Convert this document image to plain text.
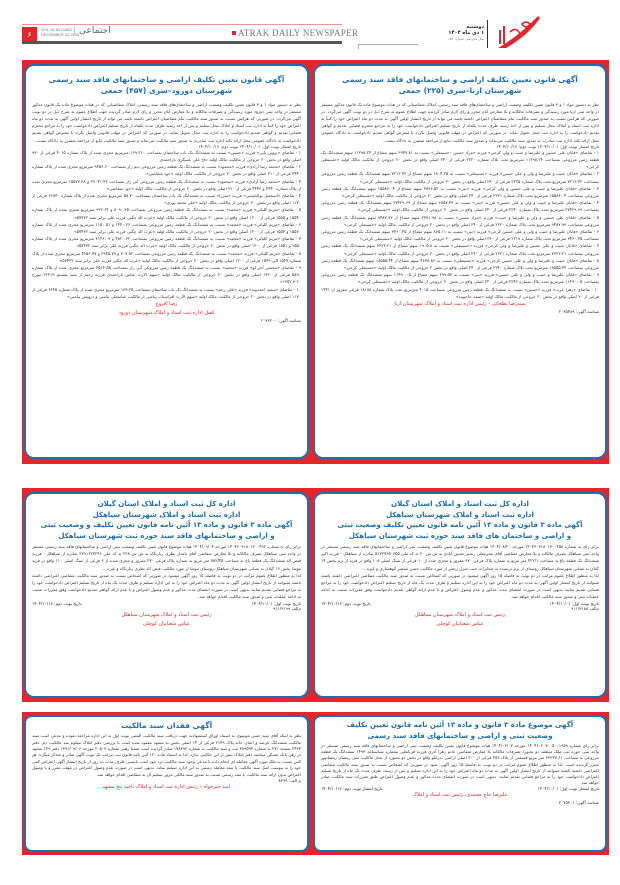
۶
VOL.16 NO.1880
DECEMBER 22,2025 اجتماعی	ATRAK DAILY NEWSPAPER
دوشنبه
۱ دی ماه ۱۴۰۴
سال شانزدهم - شماره ۱۸۸۰
آگهی قانون تعیین تکلیف اراضی و ساختمانهای فاقد سند رسمی
شهرستان ازنا–سری (۲۲۵) جمعی
نظر به دستور مواد ۱ و ۳ قانون تعیین تکلیف وضعیت اراضی و ساختمان‌های فاقد سند رسمی، املاک متقاضیانی که در هیات موضوع ماده یک قانون مذکور مستقر در واحد ثبتی ازنا مورد رسیدگی و تصرفات مالکانه و بلا معارض آنان محرز و رای لازم صادر گردیده جهت اطلاع عموم به شرح ذیل در دو نوبت آگهی می‌گردد. در صورتی که هرکس نسبت به صدور سند مالکیت بنام متقاضیان اعتراض داشته باشد می تواند از تاریخ انتشار اولین آگهی به مدت دو ماه اعتراض خود را کتباً به اداره ثبت اسناد و املاک محل تسلیم و پس از اخذ رسید ظرف مدت یکماه از تاریخ تسلیم اعتراض دادخواست خود را به مراجع محترم قضایی تقدیم و گواهی تقدیم دادخواست را به اداره ثبت محل تحویل نماید. در صورتی که اعتراض در مهلت قانونی واصل نگردد یا معترض گواهی تقدیم دادخواست به دادگاه عمومی محل ارائه نکند اداره ثبت مبادرت به صدور سند مالکیت می‌نماید و صدور سند مالکیت مانع از مراجعه متضرر به دادگاه نیست.
تاریخ انتشار نوبت اول: ۱۴۰۴/۱۰/۰۱ نوبت دوم: ۱۴۰۴/۱۰/۱۶
۱ - تقاضای «قابان علی حسین و علیرضا و حبیب و ولی کرجی» فرزند «مراد حسین –حسینعلی» نسبت به ۲۹۴۷.۸۱ سهم مشاع از ۱۱۲۹۸.۲۴ سهم ششدانگ یک قطعه زمین مزروعی بمساحت ۱۱۲۹۸.۲۴ مترمربع تحت پلاک شماره ۲۲۲۰ فرعی از ۲۴۰ اصلی واقع در بخش ۲۰ خروجی از مالکیت مالک اولیه «حسینعلی کرجی»
۲ - تقاضای «قابان حبیب و علیرضا و ولی و علی حسین» فرزند «حسینعلی» نسبت به ۱۸۰۴.۲۵ سهم مشاع از ۷۲۱۳.۴۲ سهم ششدانگ یک قطعه زمین مزروعی بمساحت ۷۲۱۳.۴۲ مترمربع تحت پلاک شماره ۲۲۲۵ فرعی از ۲۴۰ اصلی واقع در بخش ۲۰ خروجی از مالکیت مالک اولیه «حسینعلی کرجی»
۳ - تقاضای «قابان علیرضا و حبیب و علی حسین و ولی کرجی» فرزند «نبی» نسبت به ۳۸۹۶.۵۲ سهم مشاع از ۱۵۵۸۶.۰۴ سهم ششدانگ یک قطعه زمین مزروعی بمساحت ۱۵۵۸۶.۰۴ مترمربع تحت پلاک شماره ۲۲۲۱ فرعی از ۲۴۰ اصلی واقع در بخش ۲۰ خروجی از مالکیت مالک اولیه «حسینعلی کرجی»
۴ - تقاضای «قابان علیرضا و حبیب و ولی و علی حسین» فرزند «نبی» نسبت به ۶۸۵۷.۴۳ سهم مشاع از ۲۷۴۲۹.۶۹ سهم ششدانگ یک قطعه زمین مزروعی بمساحت ۲۷۴۲۹.۶۹ مترمربع تحت پلاک شماره ۲۲۴۰ فرعی از ۲۴۰ اصلی واقع در بخش ۲۰ خروجی از مالکیت مالک اولیه «حسینعلی کرجی»
۵ - تقاضای «قابان علی حسین و ولی و علیرضا و حبیب» فرزند «مراد حسین» نسبت به ۲۳۷۱.۹۸ سهم مشاع از ۹۴۸۷.۹۳ سهم ششدانگ یک قطعه زمین مزروعی بمساحت ۹۴۸۷.۹۳ مترمربع تحت پلاک شماره ۲۲۲۰ فرعی از ۲۴۰ اصلی واقع در بخش ۲۰ خروجی از مالکیت مالک اولیه «حسینعلی کرجی»
۶ - تقاضای «قابان علیرضا و حبیب و ولی و علی حسین کرجی» فرزند «نبی» نسبت به ۸۶۵.۱۱ سهم مشاع از ۳۴۶۰.۴۵ سهم ششدانگ یک قطعه زمین مزروعی بمساحت ۳۴۶۰.۴۵ مترمربع تحت پلاک شماره ۲۲۱۹ فرعی از ۲۴۰ اصلی واقع در بخش ۲۰ خروجی از مالکیت مالک اولیه «حسینعلی کرجی»
۷ - تقاضای «قابان حبیب و علی حسین و علیرضا و ولی کرجی» فرزند «حسینعلی» نسبت به ۱۹۰۵.۸ سهم مشاع از ۷۶۲۳.۲۱ سهم ششدانگ یک قطعه زمین مزروعی بمساحت ۷۶۲۳.۲۱ مترمربع تحت پلاک شماره ۲۲۲۱ فرعی از ۲۴۰ اصلی واقع در بخش ۲۰ خروجی از مالکیت مالک اولیه «حسینعلی کرجی»
۸ - تقاضای «قابان حبیب و علیرضا و ولی و علی حسین کرجی» فرزند «حسینعلی» نسبت به ۴۶۳۸.۸۶ سهم مشاع از ۱۸۵۵۵.۴۴ سهم ششدانگ یک قطعه زمین مزروعی بمساحت ۱۸۵۵۵.۴۴ مترمربع تحت پلاک شماره ۲۲۴۰ فرعی از ۲۴۰ اصلی واقع در بخش ۲ خروجی از مالکیت مالک اولیه «حسینعلی کرجی»
۹ - تقاضای «قابان علیرضا و حبیب و ولی و علی حسین» فرزند «نبی» نسبت به ۲۹۹.۵۷ سهم مشاع از ۱۱۴۹۰.۰۵ سهم ششدانگ یک قطعه زمین مزروعی بمساحت ۱۱۴۹۰.۰۵ مترمربع تحت پلاک شماره ۲۲۴۶ فرعی از ۲۴۰ اصلی واقع در بخش ۲۰ خروجی از مالکیت مالک اولیه «حسینعلی کرجی»
۱۰ - تقاضای «زهرا عرب» فرزند «حسین» نسبت به ششدانگ یک قطعه زمین مزروعی بمساحت ۴۰۱۵ مترمربع تحت پلاک شماره ۱۸۱۸۸ فرعی مفروز از ۱۴۴۱ فرعی از ۳۰ اصلی واقع در بخش ۲۰ خروجی از مالکیت مالک اولیه «صمد حاجیوند»
سیدرضا بطحائی - رئیس اداره ثبت اسناد و املاک شهرستان ازنا
شناسه آگهی: ۲۰۶۵۴۸۹
آگهی قانون تعیین تکلیف اراضی و ساختمانهای فاقد سند رسمی
شهرستان دورود–سری (۴۵۷) جمعی
نظر به دستور مواد ۱ و ۳ قانون تعیین تکلیف وضعیت اراضی و ساختمان‌های فاقد سند رسمی، املاک متقاضیانی که در هیات موضوع ماده یک قانون مذکور مستقر در واحد ثبتی دورود مورد رسیدگی و تصرفات مالکانه و بلا معارض آنان محرز و رای لازم صادر گردیده جهت اطلاع عموم به شرح ذیل در دو نوبت آگهی می‌گردد. در صورتی که هرکس نسبت به صدور سند مالکیت بنام متقاضیان اعتراض داشته باشد می تواند از تاریخ انتشار اولین آگهی به مدت دو ماه اعتراض خود را کتباً به اداره ثبت اسناد و املاک محل تسلیم و پس از اخذ رسید ظرف مدت یکماه از تاریخ تسلیم اعتراض دادخواست خود را به مراجع محترم قضایی تقدیم و گواهی تقدیم دادخواست را به اداره ثبت محل تحویل نماید. در صورتی که اعتراض در مهلت قانونی واصل نگردد یا معترض گواهی تقدیم دادخواست به دادگاه عمومی محل ارائه نکند اداره ثبت مبادرت به صدور سند مالکیت می‌نماید و صدور سند مالکیت مانع از مراجعه متضرر به دادگاه نیست.
تاریخ انتشار نوبت اول: ۱۴۰۴/۱۰/۰۱ نوبت دوم: ۱۴۰۴/۱۰/۱۶
۱ - تقاضای «پروین پاپی» فرزند «حسین» نسبت به ششدانگ یک باب ساختمان بمساحت ۱۶۹.۲۱۰ مترمربع مجزی شده از پلاک شماره ۴۰۱۵ فرعی از ۹۳۰ اصلی واقع در بخش ۲۰ خروجی از مالکیت مالک اولیه حاج علی عسگری یاراحمدی
۲ - تقاضای «محمد رضا آزادی» فرزند «محمود» نسبت به ششدانگ یک قطعه زمین مزروعی دیم زار بمساحت ۹۴۵۶.۶۰ مترمربع مجزی شده از پلاک شماره ۴۴۴۰ فرعی از ۳۱۰ اصلی واقع در بخش ۲۰ خروجی از مالکیت مالک اولیه «خود متقاضی»
۳ - تقاضای «محمد رضا آزادی» فرزند «محمود» نسبت به ششدانگ یک قطعه زمین مزروعی آبی زار بمساحت ۲۹۰۴۱.۴۳ و ۱۵۵۷۷.۲۸ مترمربع مجزی شده از پلاک شماره ۴۴۴۰ و ۴۴۴۳ فرعی از ۳۱۰ اصلی واقع در بخش ۲۰ خروجی از مالکیت مالک اولیه «خود متقاضی»
۴ - تقاضای «اسمعیل بوالحسنی» فرزند «میرزا» نسبت به ششدانگ یک باب ساختمان بمساحت ۵۸.۷۰ مترمربع مجزی شده از پلاک شماره ۶۶۸۴۰ فرعی از ۱۱۷۰ اصلی واقع در بخش ۲۰ خروجی از مالکیت مالک اولیه «علی محمد پوری»
۵ - تقاضای «مریم کلیائی» فرزند «محمد» نسبت به ششدانگ یک قطعه زمین مزروعی بمساحت ۸۰۹۰.۳۵ و ۹۳۲.۶۴ مترمربع مجزی شده از پلاک شماره ۱۵۵۴۰ و ۱۵۵۵ فرعی از ۱۲۰۰ اصلی واقع در بخش ۲۰ خروجی از مالکیت مالک اولیه «عزت اله چگنی فرزند علی برابر سند ۵۷۴۳۲»
۶ - تقاضای «مریم کلیائی» فرزند «محمد» نسبت به ششدانگ یک قطعه زمین مزروعی بمساحت ۱۴۴۰.۲۶ و ۱۱۵۰.۵۱ مترمربع مجزی شده از پلاک شماره ۱۵۵۲۰ و ۱۵۵۳ فرعی از ۱۲۰۰ اصلی واقع در بخش ۲۰ خروجی از مالکیت مالک اولیه «عزت اله چگنی فرزند علی برابر سند ۵۷۴۳۲»
۷ - تقاضای «مریم کلیائی» فرزند «محمد» نسبت به ششدانگ یک قطعه زمین مزروعی بمساحت ۴۸۲۰.۳۲ و ۳۱۴۶.۰۹ مترمربع مجزی شده از پلاک شماره ۱۵۵۰ و ۱۵۵۱ فرعی از ۱۲۰۰ اصلی واقع در بخش ۲۰ خروجی از مالکیت مالک اولیه «عزت اله چگنی فرزند علی برابر سند ۵۷۴۳۲»
۸ - تقاضای «مریم کلیائی» فرزند «محمد» نسبت به ششدانگ یک قطعه زمین مزروعی بمساحت ۳۰۷.۸۲ و ۲۹۴۵.۷۹ و ۴۶۵۶.۷۷ مترمربع مجزی شده از پلاک شماره ۱۵۴۷ الی ۱۵۴۹ فرعی از ۱۲۰۰ اصلی واقع در بخش ۲۰ خروجی از مالکیت مالک اولیه «عزت اله چگنی فرزند علی برابر سند ۵۷۴۳۲»
۹ - تقاضای «محسن آجر لو» فرزند «محمد» نسبت به ششدانگ یک قطعه زمین مزروعی آبی زار بمساحت ۳۵۱۴.۵۸ مترمربع مجزی شده از پلاک شماره ۵۸۹۰ فرعی از ۱۴۶۰ اصلی واقع در بخش ۲۰ خروجی از مالکیت مالک اولیه «سهم الارث عباس یاراحمدی فرزند رحیم از سند تقسیم ۳۶۲۱۹ مورخ ۱۳۵۲.۳.۲۰»
۱۰ - تقاضای «سعید احمدوند» فرزند «علی رحم» نسبت به ششدانگ یک باب ساختمان بمساحت ۱۳۹.۲۵ مترمربع مجزی شده از پلاک شماره ۶۶۴۵ فرعی از ۱۱۷۰ اصلی واقع در بخش ۲۰ خروجی از مالکیت مالک اولیه «سهم الارث افراسیاب پیامنی از مالکیت عباسعلی پیامنی و درویش پیامنی»
رضا افروغ
کفیل اداره ثبت اسناد و املاک شهرستان دورود
شناسه آگهی: ۲۰۷۳۲۰۰
اداره کل ثبت اسناد و املاک استان گیلان
اداره ثبت اسناد و املاک شهرستان سیاهکل
آگهی ماده ۳ قانون و ماده ۱۳ آئین نامه قانون تعیین تکلیف وضعیت ثبتی
و اراضی و ساختمان های فاقد سند حوزه ثبت شهرستان سیاهکل
برابر رای به شماره ۱۴۰۴۶۰۳۱۸۰۱۳۰۰۴۵۸ مورخه ۱۴۰۴/۰۸/۲۰ هیات موضوع قانون تعیین تکلیف وضعیت ثبتی اراضی و ساختمانهای فاقد سند رسمی مستقر در واحد ثبتی سیاهکل تصرف مالکانه و بلا معارض متقاضی آقای محرمعلی رنجبر حسین آبادی به ش ش ۲۰ به کد ملی ۵۱۷۲۷۶۵۰۳۵۵ صادره از سیاهکل - فرزند اکبر ششدانگ یک قطعه باغ به مساحت ۴۲۲/۱ متر مربع به شماره پلاک فرعی ۹۷۰ مفروز و مجزی شده از ۱۰ فرعی از سنگ اصلی ۱۰۸ واقع در قریه از برم بخش ۱۴ گیلان به نشانی شهرستان سیاهکل روستای از برم نرسیده به مخابرات جنب منزل رنجبر از مورد مالکیت حسن منتصر کوهساری و غیره ...
لذا به منظور اطلاع عموم مراتب در دو نوبت به فاصله ۱۵ روز آگهی میشود در صورتی که اشخاص نسبت به صدور سند مالکیت متقاضی اعتراضی داشته باشند میتوانند از تاریخ انتشار اولین آگهی به مدت دو ماه اعتراض خود را به این اداره تسلیم و ظرف مدت یک ماه از تاریخ تسلیم اعتراض دادخواست خود را به مراجع قضایی تقدیم نمایند بدیهی است در صورت انقضای مدت مذکور و عدم وصول اعتراض و یا عدم ارائه گواهی تقدیم دادخواست وفق مقررات نسبت به ادامه عملیات ثبتی و صدور سند مالکیت اقدام خواهد شد.
تاریخ نوبت اول: ۱۴۰۴/۱۰/۰۱
تاریخ نوبت دوم: ۱۴۰۴/۱۰/۱۶
م‌الف ۹۱۱/۳۱۸۸
رئیس ثبت اسناد و املاک شهرستان سیاهکل
عباس شعبانیان کوچلی
اداره کل ثبت اسناد و املاک استان گیلان
اداره ثبت اسناد و املاک شهرستان سیاهکل
آگهی ماده ۳ قانون و ماده ۱۳ آئین نامه قانون تعیین تکلیف و وضعیت ثبتی
و اراضی و ساختمانهای فاقد سند حوزه ثبت شهرستان سیاهکل
برابر رای به شماره ۱۴۰۴۶۰۳۱۸۰۱۳۰۰۴۹۲ مورخه ۱۴۰۴/۰۹/۰۴ هیات موضوع قانون تعیین تکلیف وضعیت ثبتی اراضی و ساختمانهای فاقد سند رسمی مستقر در واحد ثبتی سیاهکل تصرف مالکانه و بلا معارض متقاضی آقای نامدار نظری زیارنگاه به ش ش ۲۲۸ به کد ملی ۲۷۹۱۶۲۳۲۴۶ صادره از سیاهکل - فرزند فیض اله ششدانگ یک قطعه باغ به مساحت ۷۸۲/۴۵ متر مربع به شماره پلاک فرعی ۲۷۰ مفروز و مجزی شده از ۶ فرعی از سنگ اصلی ۱۱۰ واقع در قریه موشا بخش ۱۶ گیلان به نشانی شهرستان سیاهکل روستای موشا از مورد مالکیت فیض اله نظری زیارنگاه و غیره ...
لذا به منظور اطلاع عموم مراتب در دو نوبت به فاصله ۱۵ روز آگهی میشود در صورتی که اشخاص نسبت به صدور سند مالکیت متقاضی اعتراضی داشته باشند میتوانند از تاریخ انتشار اولین آگهی به مدت دو ماه اعتراض خود را به این اداره تسلیم و ظرف مدت یک ماه از تاریخ تسلیم اعتراض دادخواست خود را به مراجع قضایی تقدیم نمایند بدیهی است در صورت انقضای مدت مذکور و عدم وصول اعتراض و یا عدم ارائه گواهی تقدیم دادخواست وفق مقررات نسبت به ادامه عملیات ثبتی و صدور سند مالکیت اقدام خواهد شد.
تاریخ نوبت اول: ۱۴۰۴/۱۰/۰۱
تاریخ نوبت دوم: ۱۴۰۴/۱۰/۱۶
م‌الف ۹۱۱/۳۱۹۹
رئیس ثبت اسناد و املاک شهرستان سیاهکل
عباس شعبانیان کوچلی
آگهی موضوع ماده ۳ قانون و ماده ۱۳ آئین نامه قانون تعیین تکلیف
وضعیت ثبتی و اراضی و ساختمانهای فاقد سند رسمی
برابر رای شماره ۱۴۰۴۶۰۳۰۷۰۰۵۰۰۱۹۵۹ مورخه ۱۴۰۴/۰۳/۰۷ هیات موضوع قانون تعیین تکلیف وضعیت ثبتی اراضی و ساختمانهای فاقد سند رسمی مستقر در واحد ثبتی حوزه ثبت ملک منطقه دو بجنورد تصرفات مالکانه بلا معارض متقاضی خانم زهرا آذری فرزند قربانعلی بشماره شناسنامه ۱۴۹۳ ششدانگ یک قطعه مزروعی به مساحت ۳۳۳۳۷.۶۱ متر مربع قسمتی از پلاک ۴۵۶ فرعی از ۲۰۰ اصلی اراضی بدرانلو واقع در بخش دو بجنورد از محل مالکیت ثبتی رمضان رمضانپور محرز گردیده است. لذا به منظور اطلاع عموم مراتب در دو نوبت به فاصله ۱۵ روز آگهی، شود در صورتی که اشخاص نسبت به صدور سند مالکیت متقاضی اعتراضی داشته باشند میتوانند از تاریخ انتشار اولین آگهی به مدت دو ماه اعتراض خود را به این اداره تسلیم و پس از رسید، ظرف مدت یک ماه از تاریخ تسلیم اعتراض دادخواست خود را به مراجع قضایی تقدیم نمایند. بدیهی است در صورت انقضای مدت مذکور و عدم وصول اعتراض طبق مقررات سند مالکیت صادر خواهد شد.
تاریخ انتشار نوبت اول: ۱۴۰۴/۱۰/۰۱
تاریخ انتشار نوبت دوم: ۱۴۰۴/۱۰/۱۶
علیرضا حاج محمدی، رئیس ثبت اسناد و املاک
شناسه آگهی: ۲۰۷۵۲۰۱
آگهی فقدان سند مالکیت
نظر به اینکه آقای سید حسن موسوی به استناد اوراق استشهادیه جهت دریافت سند مالکیت المثنی نوبت اول به این اداره مراجعه نموده و مدعی است سند مالکیت ششدانگ عرصه و اعیان خانه پلاک ۶۱۴۹ فرعی از ۱۴ اصلی بخش نه مشهد مفقود شده است با بررسی دفتر املاک معلوم شد مالکیت ذیل دفتر ۲۴۳۳ صفحه ۲۷۱ به شماره ۳۸۹۵۹۴ ثبت و سند مالکیت به شماره ۱۷۸۳۹۲ صادر گردیده است.ضمنا رهنی شماره ۲۰۵۰۳ مورخه ۱۳۹۱/۰۹/۰۶ دفتر ۱۴۹ مشهد در رهن بانک مسکن میباشد دفتر املاک بیش از این حکایتی ندارد. لذا به استناد ماده ۱۲۰ آئین نامه قانون ثبت مراتب یک نوبت آگهی صادر و متذکر میگردد هر کس نسبت به ملک مورد آگهی معامله ای انجام داده یا مدعی وجود سند مالکیت نزد خود است بایستی ظرف مدت ده روز از تاریخ انتشار آگهی اعتراض کتبی خود را به پیوست اصل سند مالکیت یا سند معامله رسمی به این اداره تسلیم نماید. بدیهی است در صورت عدم وصول اعتراض در مهلت مقرر و یا وصول اعتراض بدون ارائه سند مالکیت یا سند رسمی نسبت به صدور سند مالکی مرور تسلیم آن به متقاضی اقدام خواهد شد.
م الف: ۸۲۹۹
امید خیرخواه – رئیس اداره ثبت اسناد و املاک ناحیه پنج مشهد
